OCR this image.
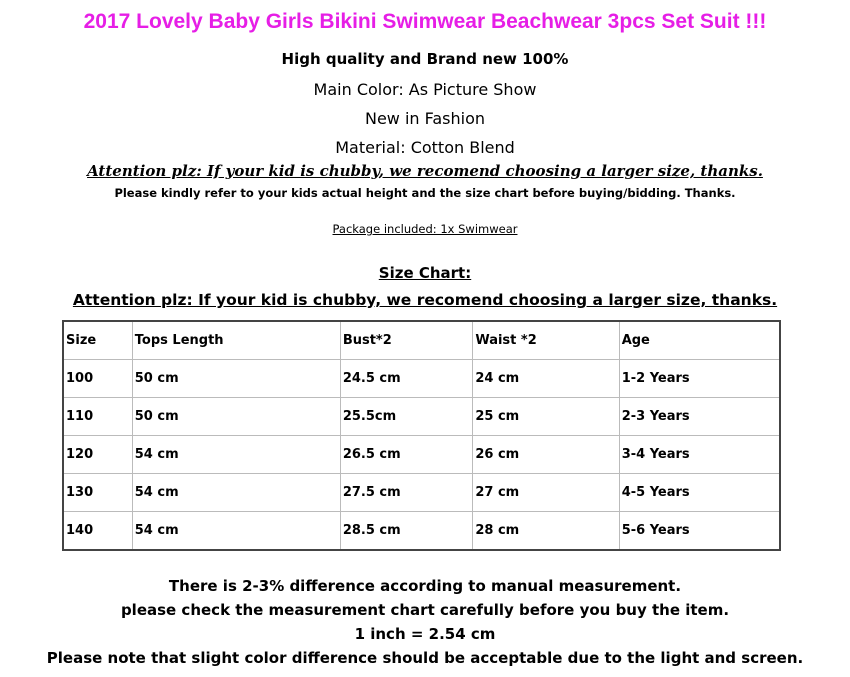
2017 Lovely Baby Girls Bikini Swimwear Beachwear 3pcs Set Suit !!!
High quality and Brand new 100%
Main Color: As Picture Show
New in Fashion
Material: Cotton Blend
Attention plz: If your kid is chubby, we recomend choosing a larger size, thanks.
Please kindly refer to your kids actual height and the size chart before buying/bidding. Thanks.
Package included: 1x Swimwear
Size Chart:
Attention plz: If your kid is chubby, we recomend choosing a larger size, thanks.
Size	Tops Length	Bust*2	Waist *2	Age
100	50 cm	24.5 cm	24 cm	1-2 Years
110	50 cm	25.5cm	25 cm	2-3 Years
120	54 cm	26.5 cm	26 cm	3-4 Years
130	54 cm	27.5 cm	27 cm	4-5 Years
140	54 cm	28.5 cm	28 cm	5-6 Years
There is 2-3% difference according to manual measurement.
please check the measurement chart carefully before you buy the item.
1 inch = 2.54 cm
Please note that slight color difference should be acceptable due to the light and screen.
